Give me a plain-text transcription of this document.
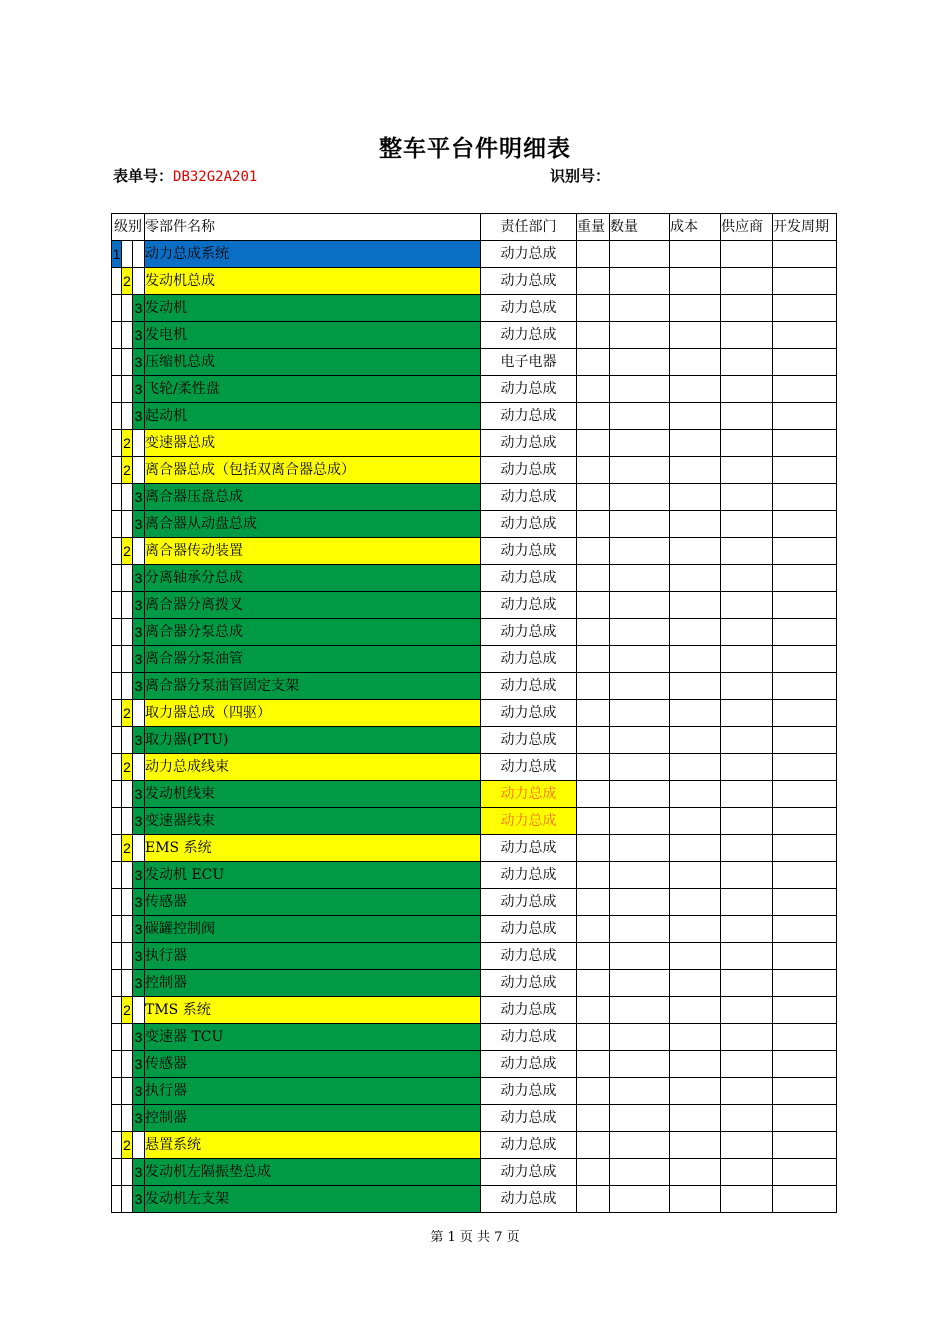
整车平台件明细表
表单号：DB32G2A201	识别号：
级别			零部件名称	责任部门	重量	数量	成本	供应商	开发周期
1			动力总成系统	动力总成					
	2		发动机总成	动力总成					
		3	发动机	动力总成					
		3	发电机	动力总成					
		3	压缩机总成	电子电器					
		3	飞轮/柔性盘	动力总成					
		3	起动机	动力总成					
	2		变速器总成	动力总成					
	2		离合器总成（包括双离合器总成）	动力总成					
		3	离合器压盘总成	动力总成					
		3	离合器从动盘总成	动力总成					
	2		离合器传动装置	动力总成					
		3	分离轴承分总成	动力总成					
		3	离合器分离拨叉	动力总成					
		3	离合器分泵总成	动力总成					
		3	离合器分泵油管	动力总成					
		3	离合器分泵油管固定支架	动力总成					
	2		取力器总成（四驱）	动力总成					
		3	取力器(PTU)	动力总成					
	2		动力总成线束	动力总成					
		3	发动机线束	动力总成					
		3	变速器线束	动力总成					
	2		EMS 系统	动力总成					
		3	发动机 ECU	动力总成					
		3	传感器	动力总成					
		3	碳罐控制阀	动力总成					
		3	执行器	动力总成					
		3	控制器	动力总成					
	2		TMS 系统	动力总成					
		3	变速器 TCU	动力总成					
		3	传感器	动力总成					
		3	执行器	动力总成					
		3	控制器	动力总成					
	2		悬置系统	动力总成					
		3	发动机左隔振垫总成	动力总成					
		3	发动机左支架	动力总成					
第 1 页 共 7 页
